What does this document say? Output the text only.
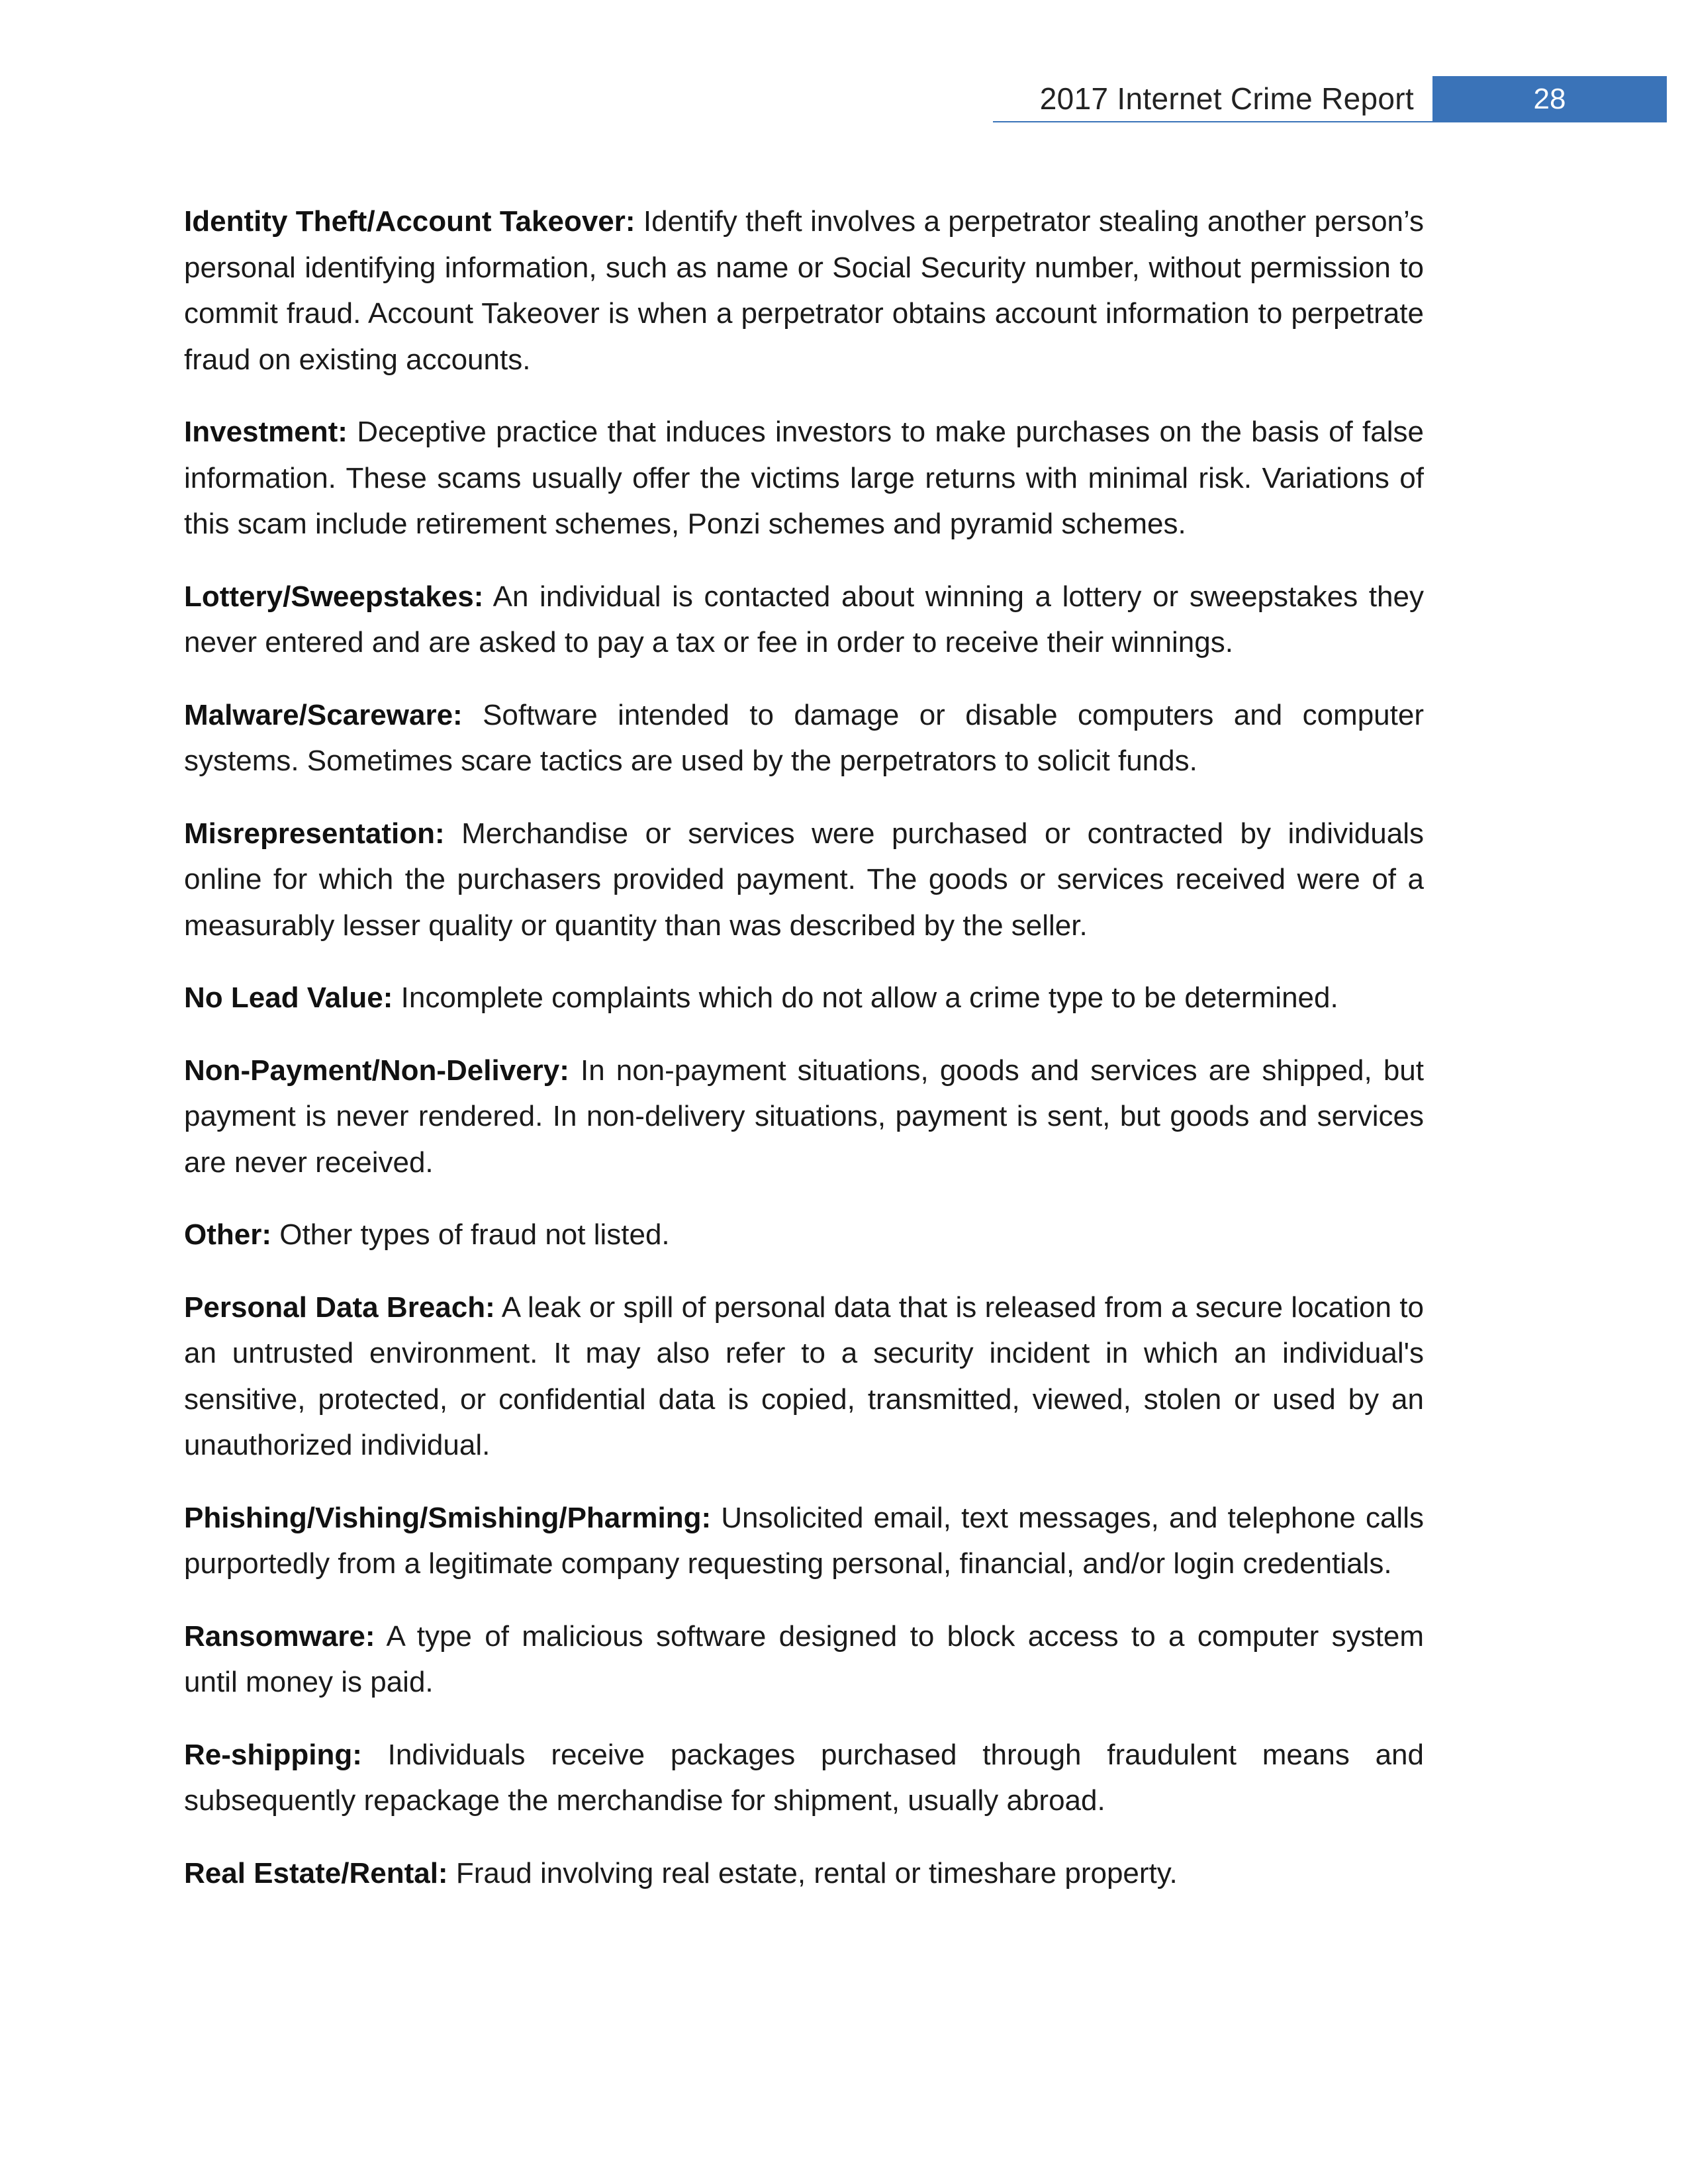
2017 Internet Crime Report	28

Identity Theft/Account Takeover: Identify theft involves a perpetrator stealing another person’s personal identifying information, such as name or Social Security number, without permission to commit fraud. Account Takeover is when a perpetrator obtains account information to perpetrate fraud on existing accounts.

Investment: Deceptive practice that induces investors to make purchases on the basis of false information. These scams usually offer the victims large returns with minimal risk. Variations of this scam include retirement schemes, Ponzi schemes and pyramid schemes.

Lottery/Sweepstakes: An individual is contacted about winning a lottery or sweepstakes they never entered and are asked to pay a tax or fee in order to receive their winnings.

Malware/Scareware: Software intended to damage or disable computers and computer systems. Sometimes scare tactics are used by the perpetrators to solicit funds.

Misrepresentation: Merchandise or services were purchased or contracted by individuals online for which the purchasers provided payment. The goods or services received were of a measurably lesser quality or quantity than was described by the seller.

No Lead Value: Incomplete complaints which do not allow a crime type to be determined.

Non-Payment/Non-Delivery: In non-payment situations, goods and services are shipped, but payment is never rendered. In non-delivery situations, payment is sent, but goods and services are never received.

Other: Other types of fraud not listed.

Personal Data Breach: A leak or spill of personal data that is released from a secure location to an untrusted environment. It may also refer to a security incident in which an individual's sensitive, protected, or confidential data is copied, transmitted, viewed, stolen or used by an unauthorized individual.

Phishing/Vishing/Smishing/Pharming: Unsolicited email, text messages, and telephone calls purportedly from a legitimate company requesting personal, financial, and/or login credentials.

Ransomware: A type of malicious software designed to block access to a computer system until money is paid.

Re-shipping: Individuals receive packages purchased through fraudulent means and subsequently repackage the merchandise for shipment, usually abroad.

Real Estate/Rental: Fraud involving real estate, rental or timeshare property.
